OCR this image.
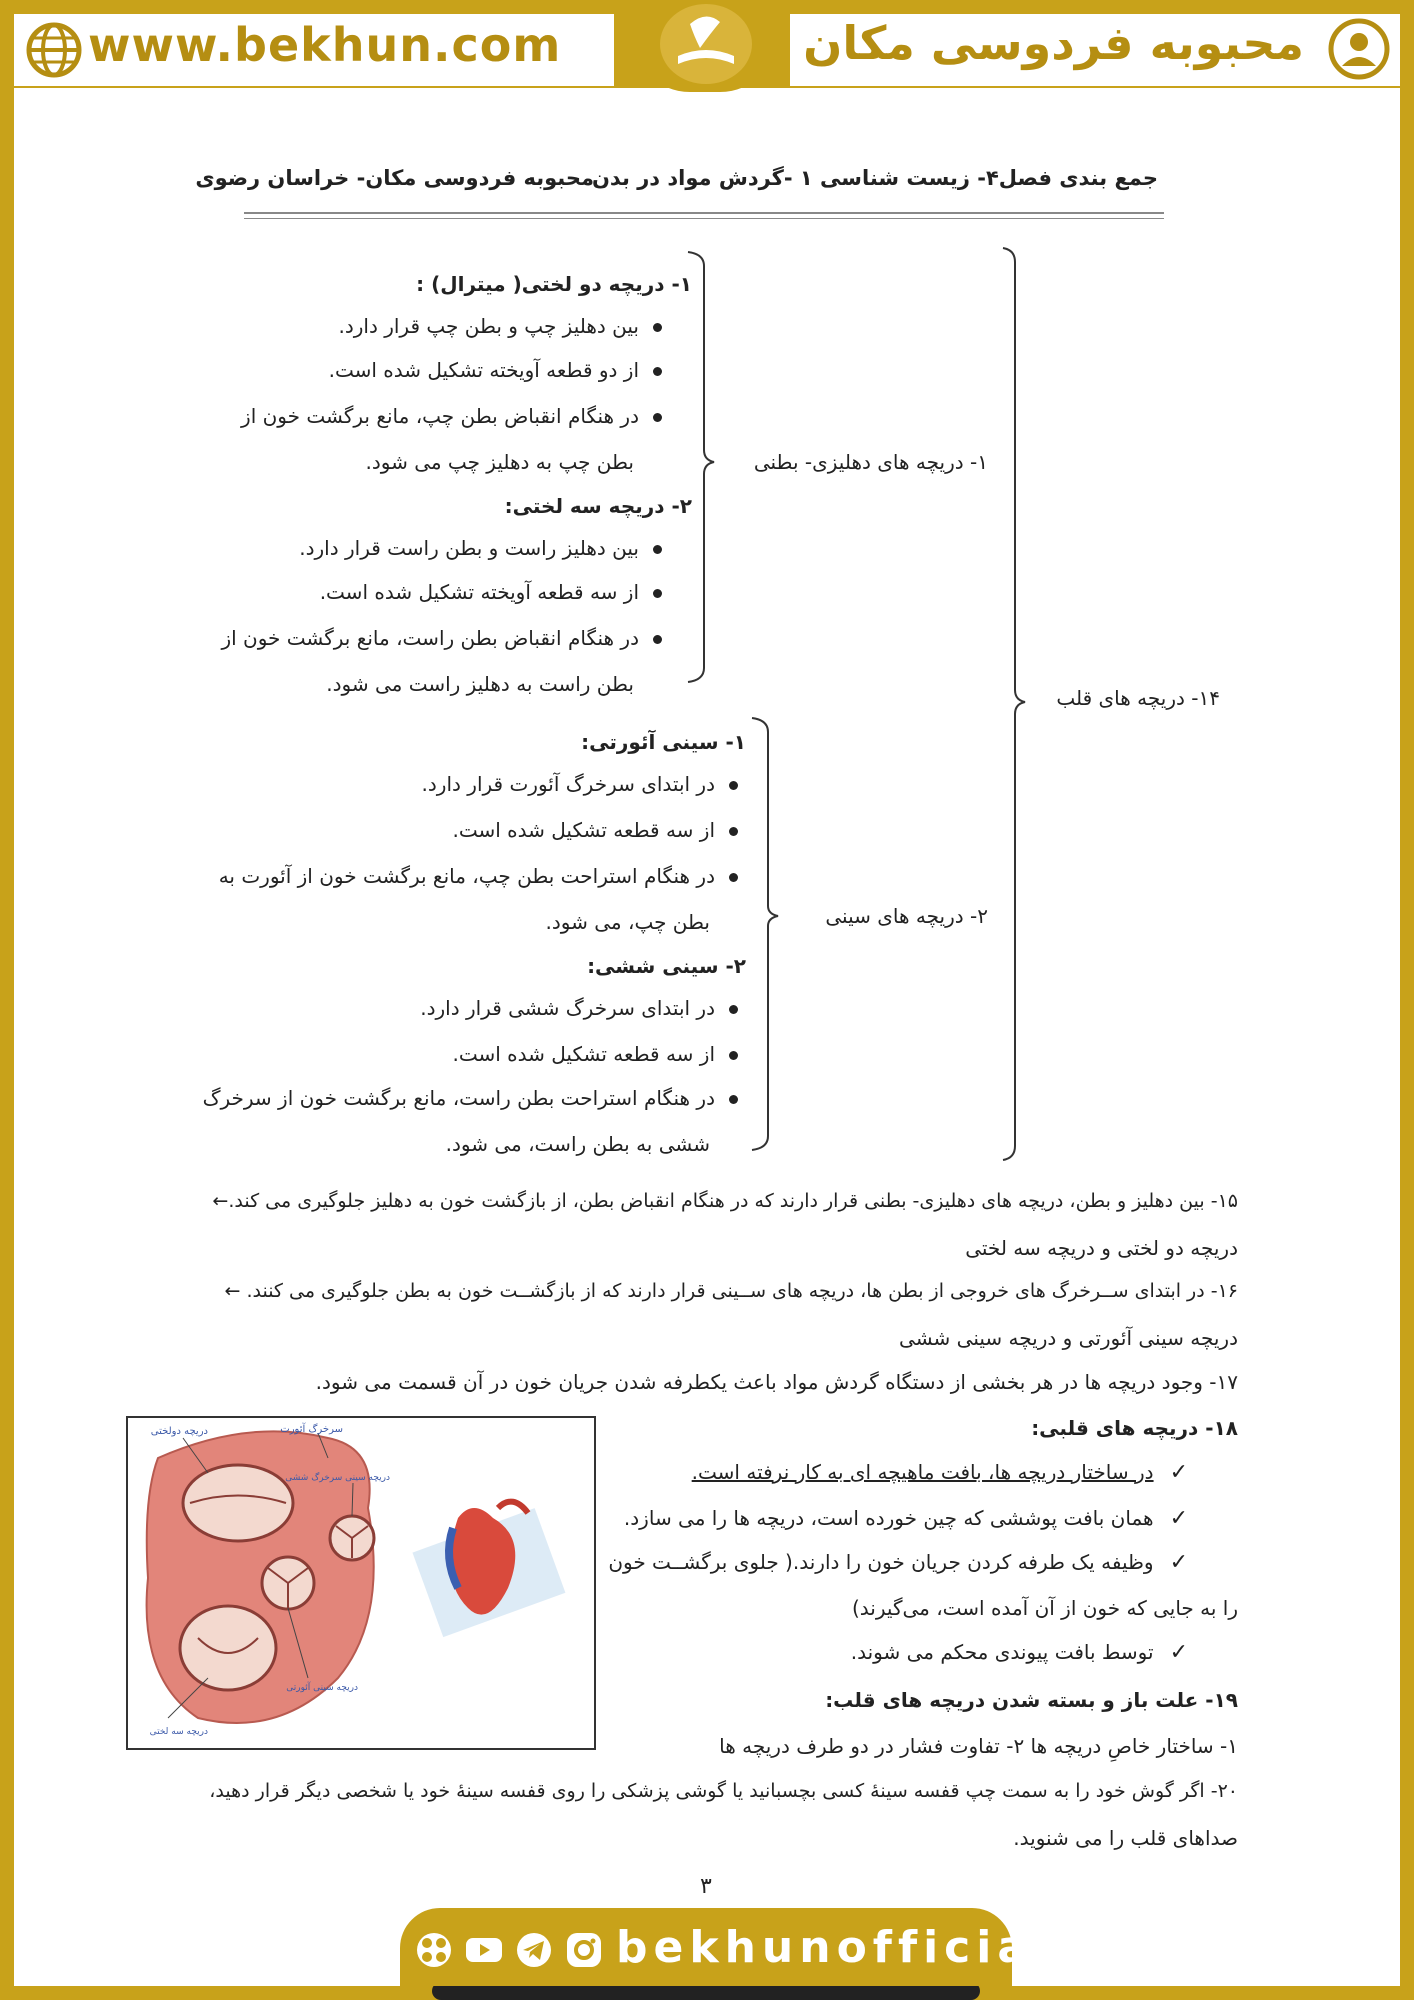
www.bekhun.com	محبوبه فردوسی مکان
جمع بندی فصل۴- زیست شناسی ۱ -گردش مواد در بدن
محبوبه فردوسی مکان- خراسان رضوی
۱۴- دریچه های قلب
۱- دریچه های دهلیزی- بطنی
۲- دریچه های سینی
۱- دریچه دو لختی( میترال) :
بین دهلیز چپ و بطن چپ قرار دارد.
از دو قطعه آویخته تشکیل شده است.
در هنگام انقباض بطن چپ، مانع برگشت خون از
بطن چپ به دهلیز چپ می شود.
۲- دریچه سه لختی:
بین دهلیز راست و بطن راست قرار دارد.
از سه قطعه آویخته تشکیل شده است.
در هنگام انقباض بطن راست، مانع برگشت خون از
بطن راست به دهلیز راست می شود.
۱- سینی آئورتی:
در ابتدای سرخرگ آئورت قرار دارد.
از سه قطعه تشکیل شده است.
در هنگام استراحت بطن چپ، مانع برگشت خون از آئورت به
بطن چپ، می شود.
۲- سینی ششی:
در ابتدای سرخرگ ششی قرار دارد.
از سه قطعه تشکیل شده است.
در هنگام استراحت بطن راست، مانع برگشت خون از سرخرگ
ششی به بطن راست، می شود.
۱۵- بین دهلیز و بطن، دریچه های دهلیزی- بطنی قرار دارند که در هنگام انقباض بطن، از بازگشت خون به دهلیز جلوگیری می کند.←
دریچه دو لختی و دریچه سه لختی
۱۶- در ابتدای ســرخرگ های خروجی از بطن ها، دریچه های ســینی قرار دارند که از بازگشــت خون به بطن جلوگیری می کنند. ←
دریچه سینی آئورتی و دریچه سینی ششی
۱۷- وجود دریچه ها در هر بخشی از دستگاه گردش مواد باعث یکطرفه شدن جریان خون در آن قسمت می شود.
۱۸- دریچه های قلبی:
✓در ساختار دریچه ها، بافت ماهیچه ای به کار نرفته است.
✓همان بافت پوششی که چین خورده است، دریچه ها را می سازد.
✓وظیفه یک طرفه کردن جریان خون را دارند.( جلوی برگشــت خون
را به جایی که خون از آن آمده است، می‌گیرند)
✓توسط بافت پیوندی محکم می شوند.
۱۹- علت باز و بسته شدن دریچه های قلب:
۱- ساختار خاصِ دریچه ها ۲- تفاوت فشار در دو طرف دریچه ها
۲۰- اگر گوش خود را به سمت چپ قفسه سینهٔ کسی بچسبانید یا گوشی پزشکی را روی قفسه سینهٔ خود یا شخصی دیگر قرار دهید،
صداهای قلب را می شنوید.
دریچه دولختی	سرخرگ آئورت
دریچه سینی سرخرگ ششی
دریچه سینی آئورتی
دریچه سه لختی
۳
bekhunofficial
